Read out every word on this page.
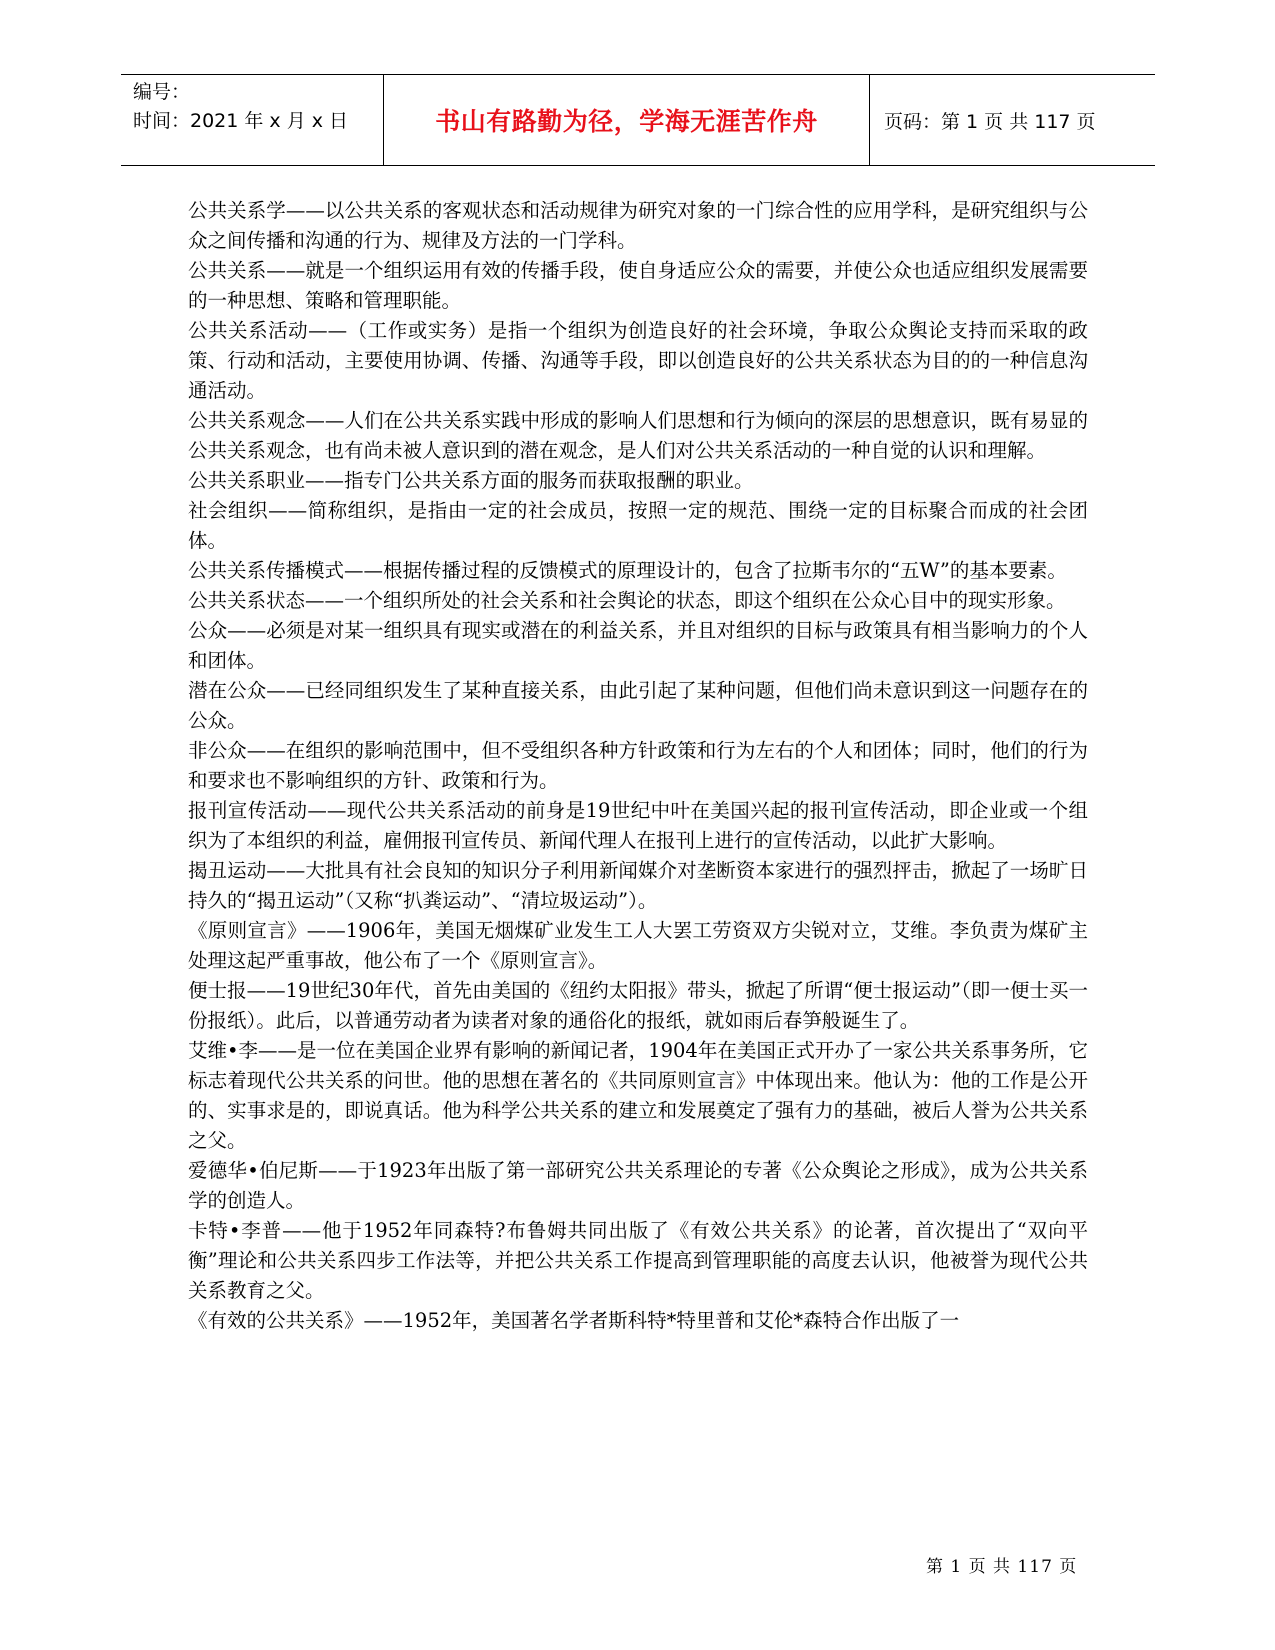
编号：
时间：2021 年 x 月 x 日	书山有路勤为径，学海无涯苦作舟	页码：第 1 页 共 117 页

公共关系学——以公共关系的客观状态和活动规律为研究对象的一门综合性的应用学科，是研究组织与公众之间传播和沟通的行为、规律及方法的一门学科。

公共关系——就是一个组织运用有效的传播手段，使自身适应公众的需要，并使公众也适应组织发展需要的一种思想、策略和管理职能。

公共关系活动——（工作或实务）是指一个组织为创造良好的社会环境，争取公众舆论支持而采取的政策、行动和活动，主要使用协调、传播、沟通等手段，即以创造良好的公共关系状态为目的的一种信息沟通活动。

公共关系观念——人们在公共关系实践中形成的影响人们思想和行为倾向的深层的思想意识，既有易显的公共关系观念，也有尚未被人意识到的潜在观念，是人们对公共关系活动的一种自觉的认识和理解。

公共关系职业——指专门公共关系方面的服务而获取报酬的职业。

社会组织——简称组织，是指由一定的社会成员，按照一定的规范、围绕一定的目标聚合而成的社会团体。

公共关系传播模式——根据传播过程的反馈模式的原理设计的，包含了拉斯韦尔的“五W”的基本要素。

公共关系状态——一个组织所处的社会关系和社会舆论的状态，即这个组织在公众心目中的现实形象。

公众——必须是对某一组织具有现实或潜在的利益关系，并且对组织的目标与政策具有相当影响力的个人和团体。

潜在公众——已经同组织发生了某种直接关系，由此引起了某种问题，但他们尚未意识到这一问题存在的公众。

非公众——在组织的影响范围中，但不受组织各种方针政策和行为左右的个人和团体；同时，他们的行为和要求也不影响组织的方针、政策和行为。

报刊宣传活动——现代公共关系活动的前身是19世纪中叶在美国兴起的报刊宣传活动，即企业或一个组织为了本组织的利益，雇佣报刊宣传员、新闻代理人在报刊上进行的宣传活动，以此扩大影响。

揭丑运动——大批具有社会良知的知识分子利用新闻媒介对垄断资本家进行的强烈抨击，掀起了一场旷日持久的“揭丑运动”（又称“扒粪运动”、“清垃圾运动”）。

《原则宣言》——1906年，美国无烟煤矿业发生工人大罢工劳资双方尖锐对立，艾维。李负责为煤矿主处理这起严重事故，他公布了一个《原则宣言》。

便士报——19世纪30年代，首先由美国的《纽约太阳报》带头，掀起了所谓“便士报运动”（即一便士买一份报纸）。此后，以普通劳动者为读者对象的通俗化的报纸，就如雨后春笋般诞生了。

艾维•李——是一位在美国企业界有影响的新闻记者，1904年在美国正式开办了一家公共关系事务所，它标志着现代公共关系的问世。他的思想在著名的《共同原则宣言》中体现出来。他认为：他的工作是公开的、实事求是的，即说真话。他为科学公共关系的建立和发展奠定了强有力的基础，被后人誉为公共关系之父。

爱德华•伯尼斯——于1923年出版了第一部研究公共关系理论的专著《公众舆论之形成》，成为公共关系学的创造人。

卡特•李普——他于1952年同森特?布鲁姆共同出版了《有效公共关系》的论著，首次提出了“双向平衡”理论和公共关系四步工作法等，并把公共关系工作提高到管理职能的高度去认识，他被誉为现代公共关系教育之父。

《有效的公共关系》——1952年，美国著名学者斯科特*特里普和艾伦*森特合作出版了一

第 1 页 共 117 页
